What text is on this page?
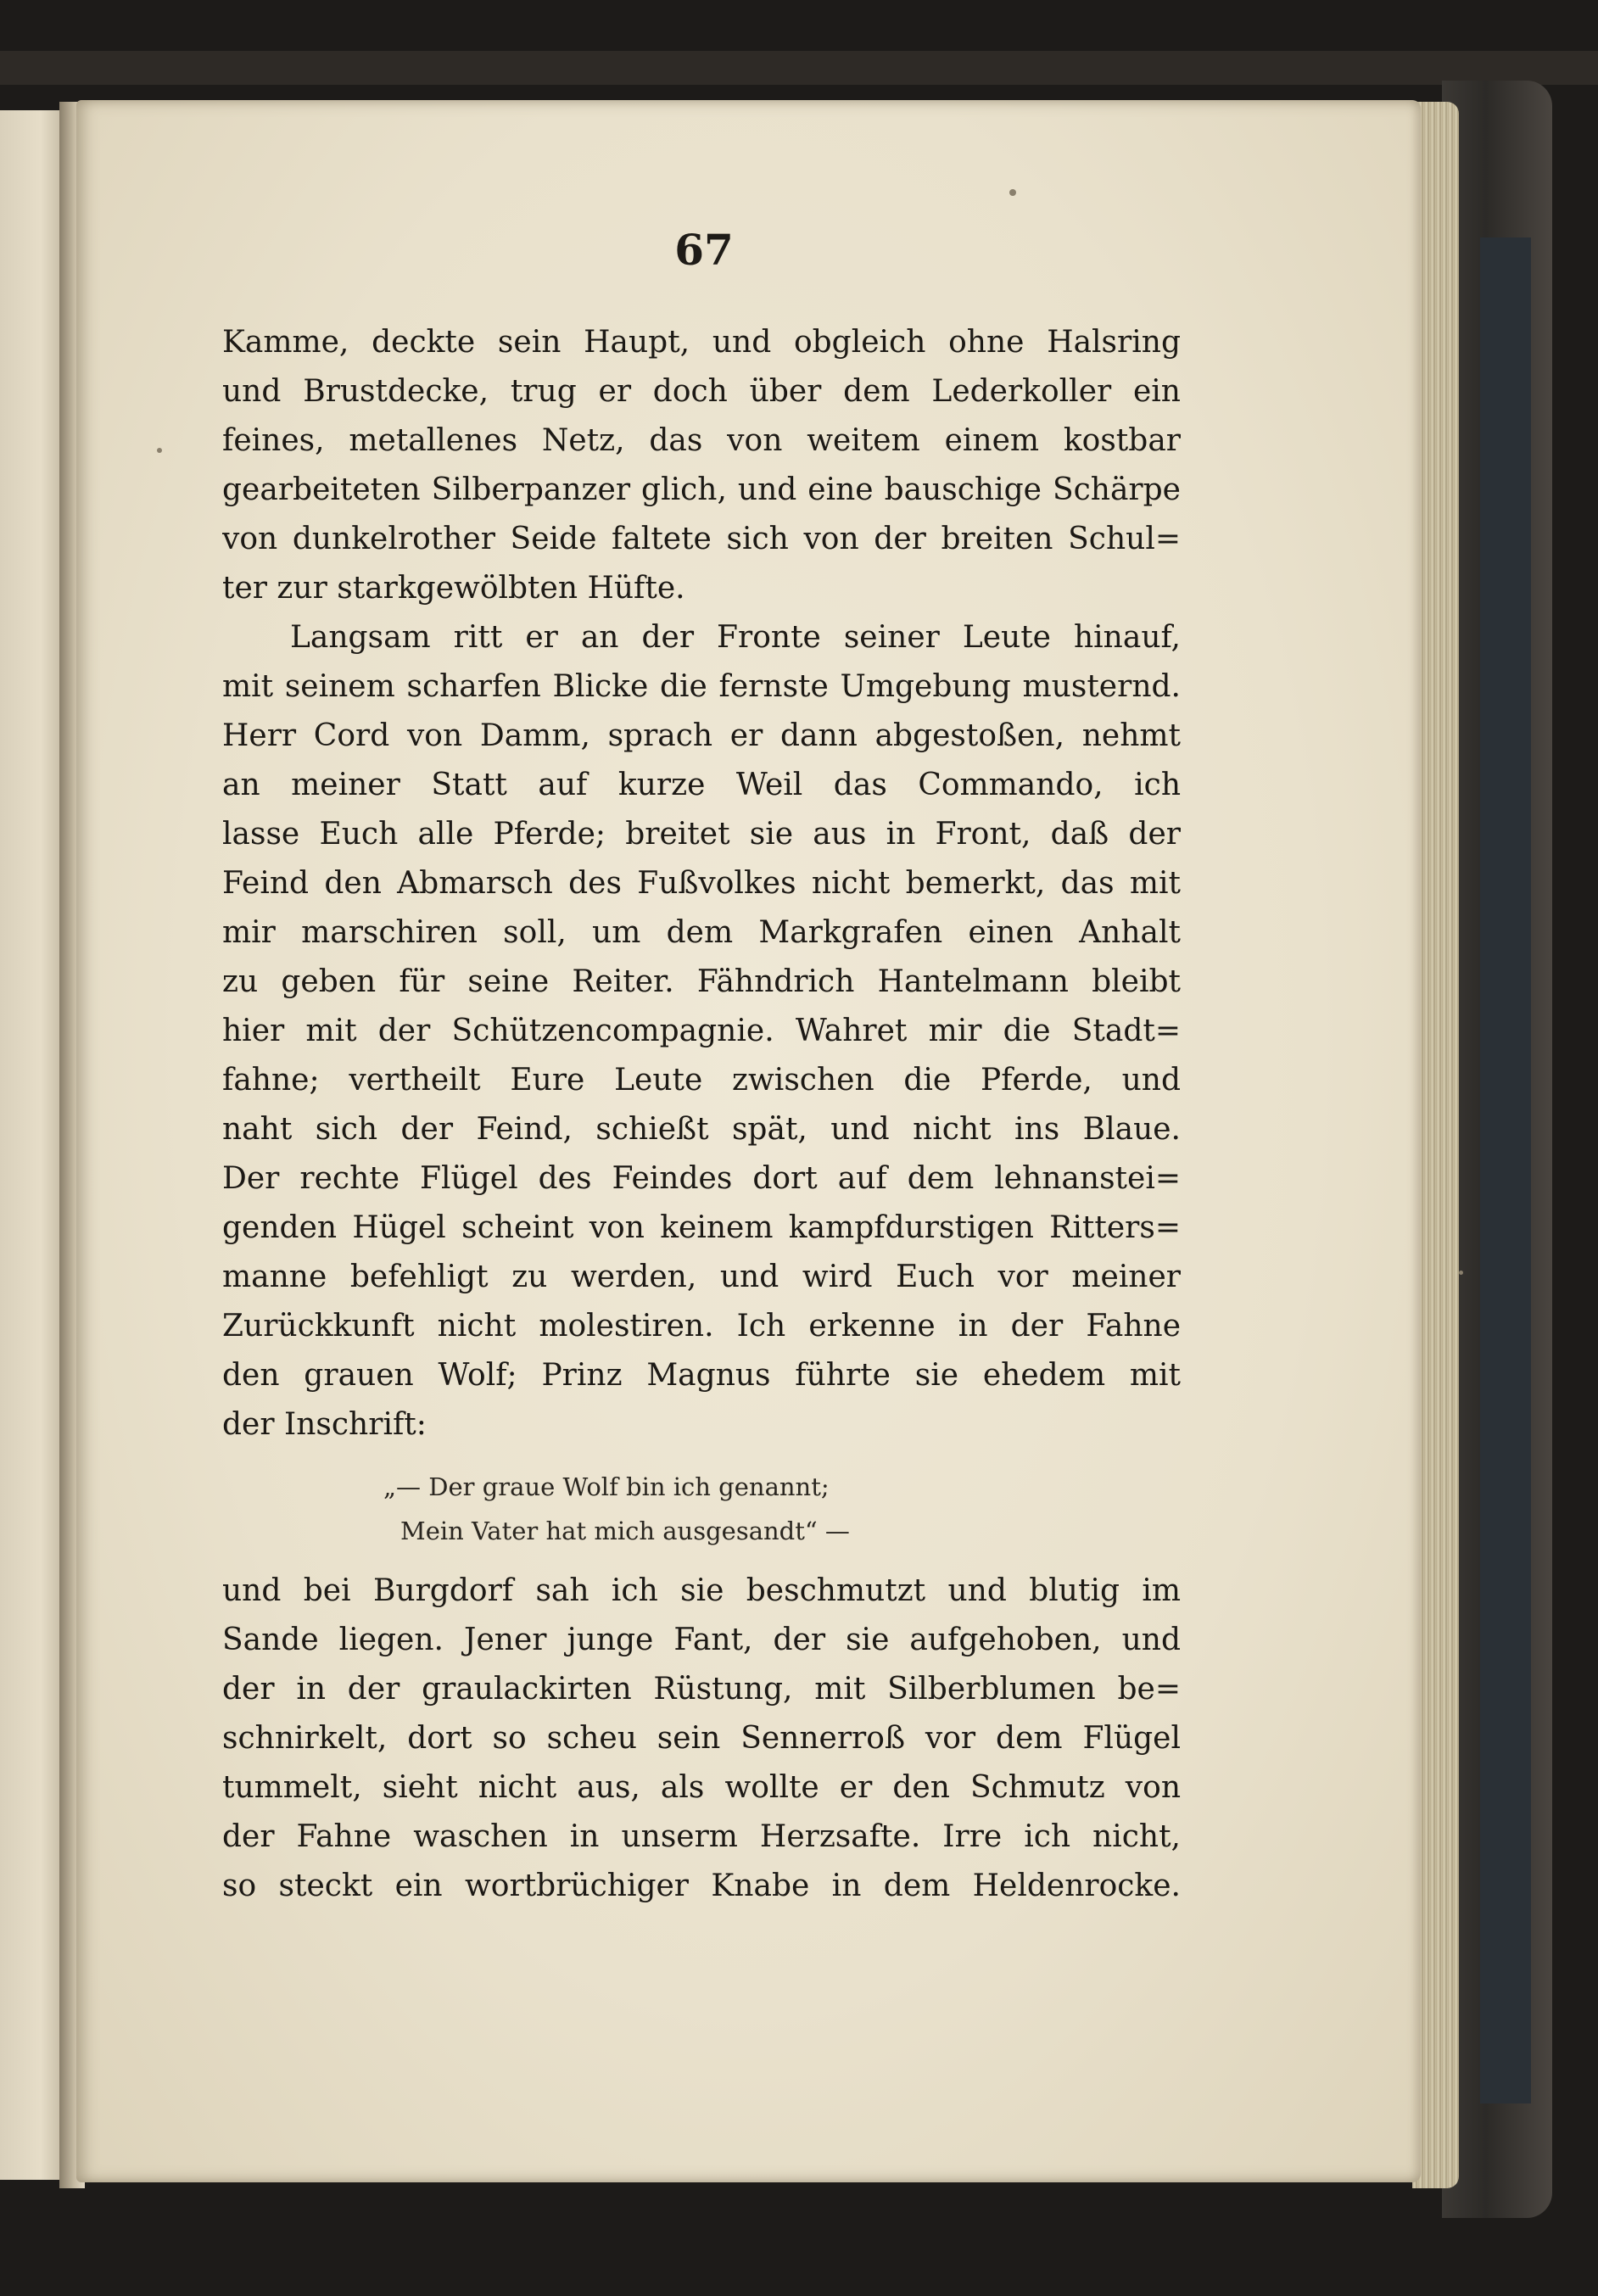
67
Kamme, deckte sein Haupt, und obgleich ohne Halsring
und Brustdecke, trug er doch über dem Lederkoller ein
feines, metallenes Netz, das von weitem einem kostbar
gearbeiteten Silberpanzer glich, und eine bauschige Schärpe
von dunkelrother Seide faltete sich von der breiten Schul=
ter zur starkgewölbten Hüfte.
Langsam ritt er an der Fronte seiner Leute hinauf,
mit seinem scharfen Blicke die fernste Umgebung musternd.
Herr Cord von Damm, sprach er dann abgestoßen, nehmt
an meiner Statt auf kurze Weil das Commando, ich
lasse Euch alle Pferde; breitet sie aus in Front, daß der
Feind den Abmarsch des Fußvolkes nicht bemerkt, das mit
mir marschiren soll, um dem Markgrafen einen Anhalt
zu geben für seine Reiter. Fähndrich Hantelmann bleibt
hier mit der Schützencompagnie. Wahret mir die Stadt=
fahne; vertheilt Eure Leute zwischen die Pferde, und
naht sich der Feind, schießt spät, und nicht ins Blaue.
Der rechte Flügel des Feindes dort auf dem lehnanstei=
genden Hügel scheint von keinem kampfdurstigen Ritters=
manne befehligt zu werden, und wird Euch vor meiner
Zurückkunft nicht molestiren. Ich erkenne in der Fahne
den grauen Wolf; Prinz Magnus führte sie ehedem mit
der Inschrift:
„— Der graue Wolf bin ich genannt;
Mein Vater hat mich ausgesandt“ —
und bei Burgdorf sah ich sie beschmutzt und blutig im
Sande liegen. Jener junge Fant, der sie aufgehoben, und
der in der graulackirten Rüstung, mit Silberblumen be=
schnirkelt, dort so scheu sein Sennerroß vor dem Flügel
tummelt, sieht nicht aus, als wollte er den Schmutz von
der Fahne waschen in unserm Herzsafte. Irre ich nicht,
so steckt ein wortbrüchiger Knabe in dem Heldenrocke.
